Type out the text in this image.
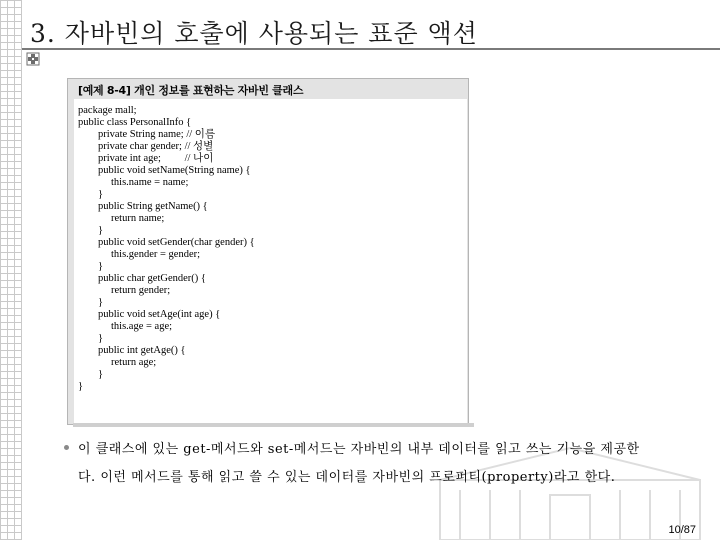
3. 자바빈의 호출에 사용되는 표준 액션
[예제 8-4] 개인 정보를 표현하는 자바빈 클래스
package mall;
public class PersonalInfo {
private String name; // 이름
private char gender; // 성별
private int age;         // 나이
public void setName(String name) {
this.name = name;
}
public String getName() {
return name;
}
public void setGender(char gender) {
this.gender = gender;
}
public char getGender() {
return gender;
}
public void setAge(int age) {
this.age = age;
}
public int getAge() {
return age;
}
}
이 클래스에 있는 get-메서드와 set-메서드는 자바빈의 내부 데이터를 읽고 쓰는 기능을 제공한
다. 이런 메서드를 통해 읽고 쓸 수 있는 데이터를 자바빈의 프로퍼티(property)라고 한다.
10/87
